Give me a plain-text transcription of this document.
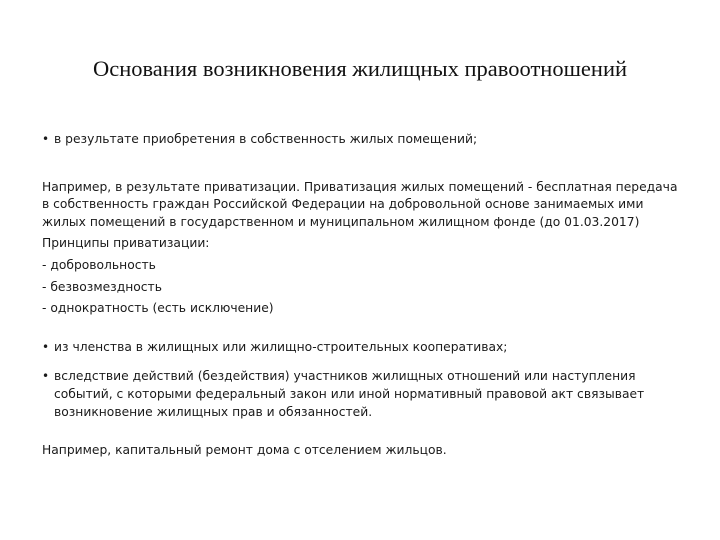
Основания возникновения жилищных правоотношений

• в результате приобретения в собственность жилых помещений;

Например, в результате приватизации. Приватизация жилых помещений - бесплатная передача в собственность граждан Российской Федерации на добровольной основе занимаемых ими жилых помещений в государственном и муниципальном жилищном фонде (до 01.03.2017)

Принципы приватизации:

- добровольность

- безвозмездность

- однократность (есть исключение)

• из членства в жилищных или жилищно-строительных кооперативах;

• вследствие действий (бездействия) участников жилищных отношений или наступления событий, с которыми федеральный закон или иной нормативный правовой акт связывает возникновение жилищных прав и обязанностей.

Например, капитальный ремонт дома с отселением жильцов.
